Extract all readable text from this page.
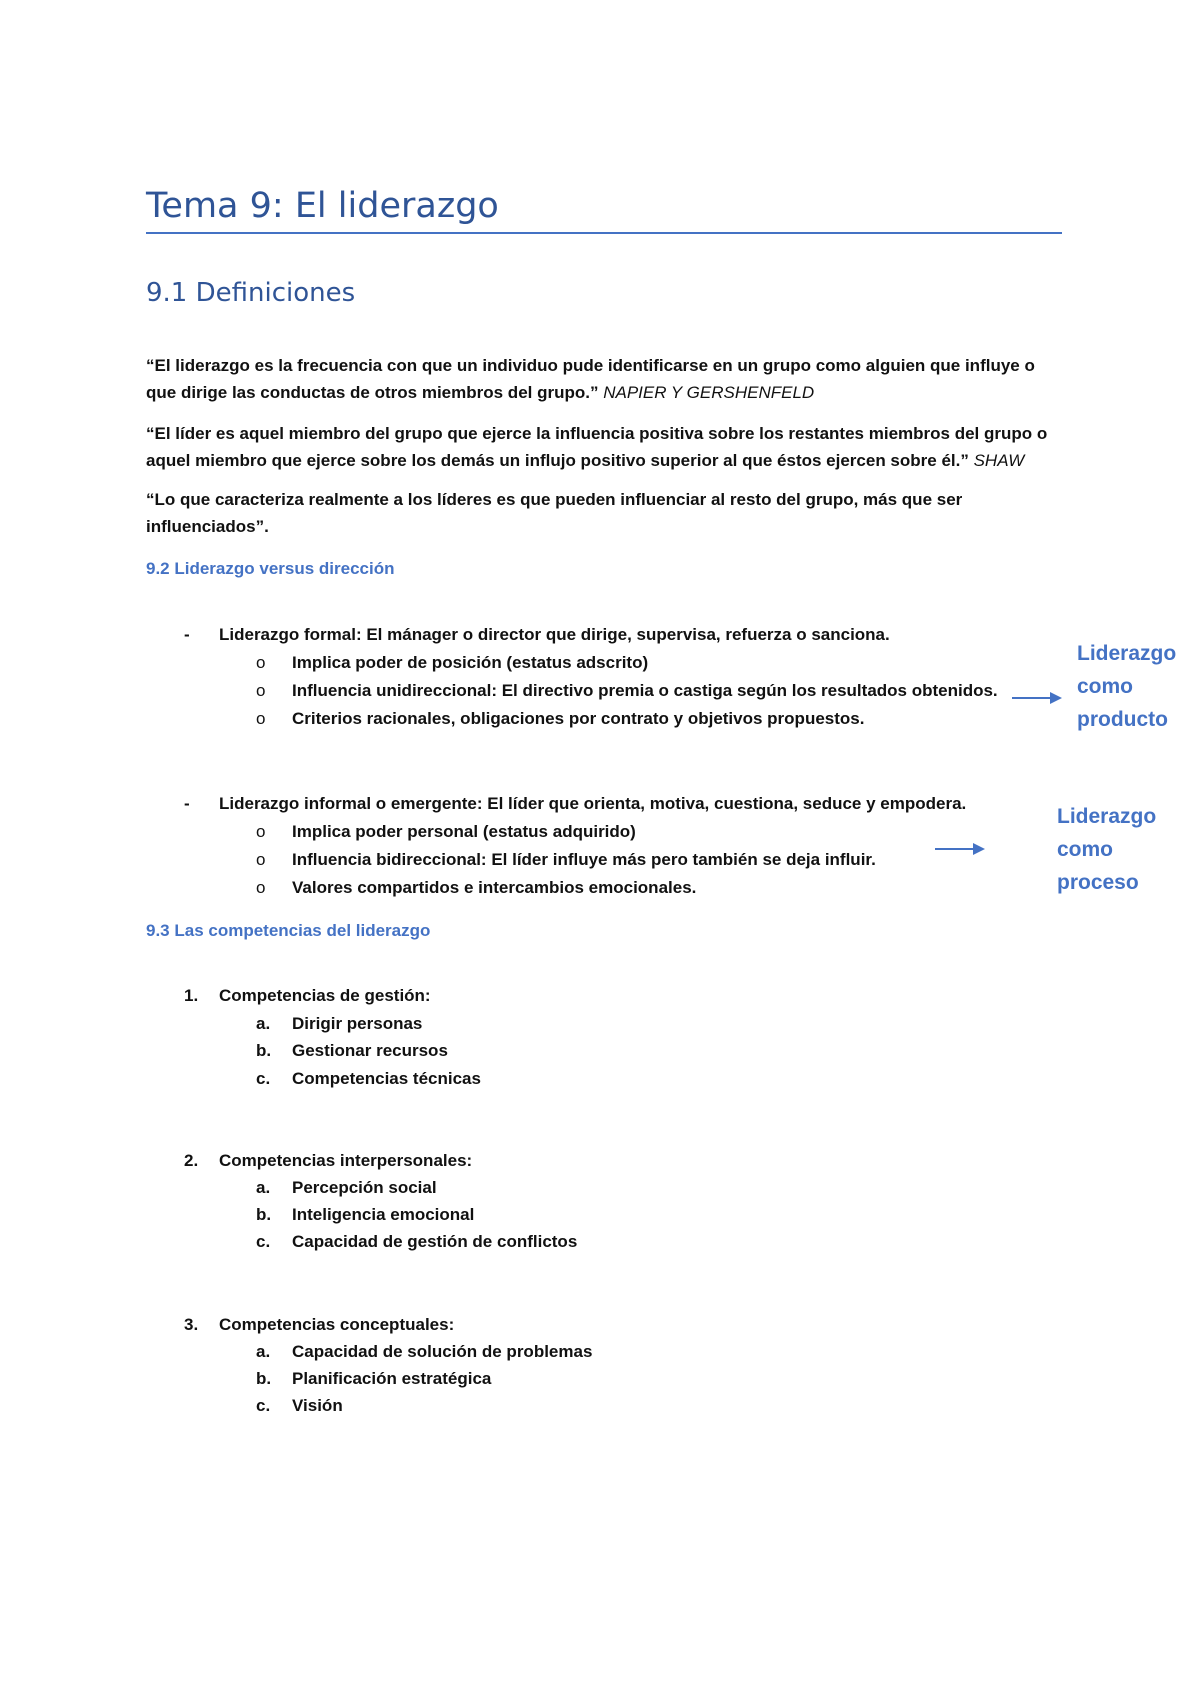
Tema 9: El liderazgo
9.1 Definiciones
“El liderazgo es la frecuencia con que un individuo pude identificarse en un grupo como alguien que influye o que dirige las conductas de otros miembros del grupo.” NAPIER Y GERSHENFELD
“El líder es aquel miembro del grupo que ejerce la influencia positiva sobre los restantes miembros del grupo o aquel miembro que ejerce sobre los demás un influjo positivo superior al que éstos ejercen sobre él.” SHAW
“Lo que caracteriza realmente a los líderes es que pueden influenciar al resto del grupo, más que ser influenciados”.
9.2 Liderazgo versus dirección
- Liderazgo formal: El mánager o director que dirige, supervisa, refuerza o sanciona.
o Implica poder de posición (estatus adscrito)
o Influencia unidireccional: El directivo premia o castiga según los resultados obtenidos.
o Criterios racionales, obligaciones por contrato y objetivos propuestos.
Liderazgo
como
producto
- Liderazgo informal o emergente: El líder que orienta, motiva, cuestiona, seduce y empodera.
o Implica poder personal (estatus adquirido)
o Influencia bidireccional: El líder influye más pero también se deja influir.
o Valores compartidos e intercambios emocionales.
Liderazgo
como
proceso
9.3 Las competencias del liderazgo
1. Competencias de gestión:
a. Dirigir personas
b. Gestionar recursos
c. Competencias técnicas
2. Competencias interpersonales:
a. Percepción social
b. Inteligencia emocional
c. Capacidad de gestión de conflictos
3. Competencias conceptuales:
a. Capacidad de solución de problemas
b. Planificación estratégica
c. Visión
